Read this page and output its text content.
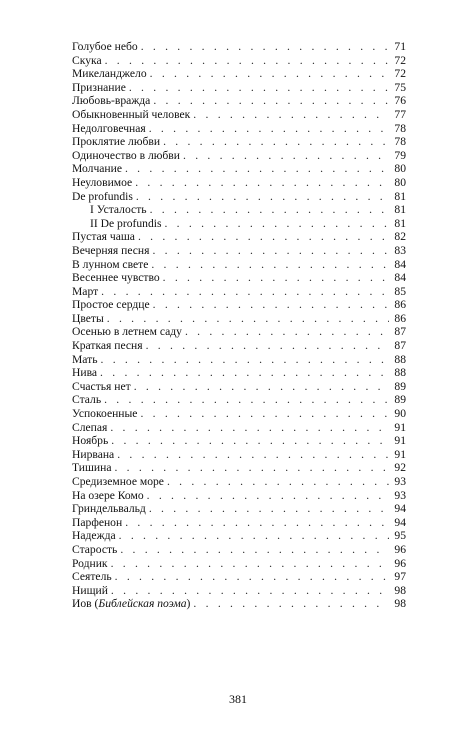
Голубое небо . . .	71
Скука . . .	72
Микеланджело . . .	72
Признание . . .	75
Любовь-вражда . . .	76
Обыкновенный человек . . .	77
Недолговечная . . .	78
Проклятие любви . . .	78
Одиночество в любви . . .	79
Молчание . . .	80
Неуловимое . . .	80
De profundis . . .	81
I Усталость . . .	81
II De profundis . . .	81
Пустая чаша . . .	82
Вечерняя песня . . .	83
В лунном свете . . .	84
Весеннее чувство . . .	84
Март . . .	85
Простое сердце . . .	86
Цветы . . .	86
Осенью в летнем саду . . .	87
Краткая песня . . .	87
Мать . . .	88
Нива . . .	88
Счастья нет . . .	89
Сталь . . .	89
Успокоенные . . .	90
Слепая . . .	91
Ноябрь . . .	91
Нирвана . . .	91
Тишина . . .	92
Средиземное море . . .	93
На озере Комо . . .	93
Гриндельвальд . . .	94
Парфенон . . .	94
Надежда . . .	95
Старость . . .	96
Родник . . .	96
Сеятель . . .	97
Нищий . . .	98
Иов (Библейская поэма) . . .	98
381
